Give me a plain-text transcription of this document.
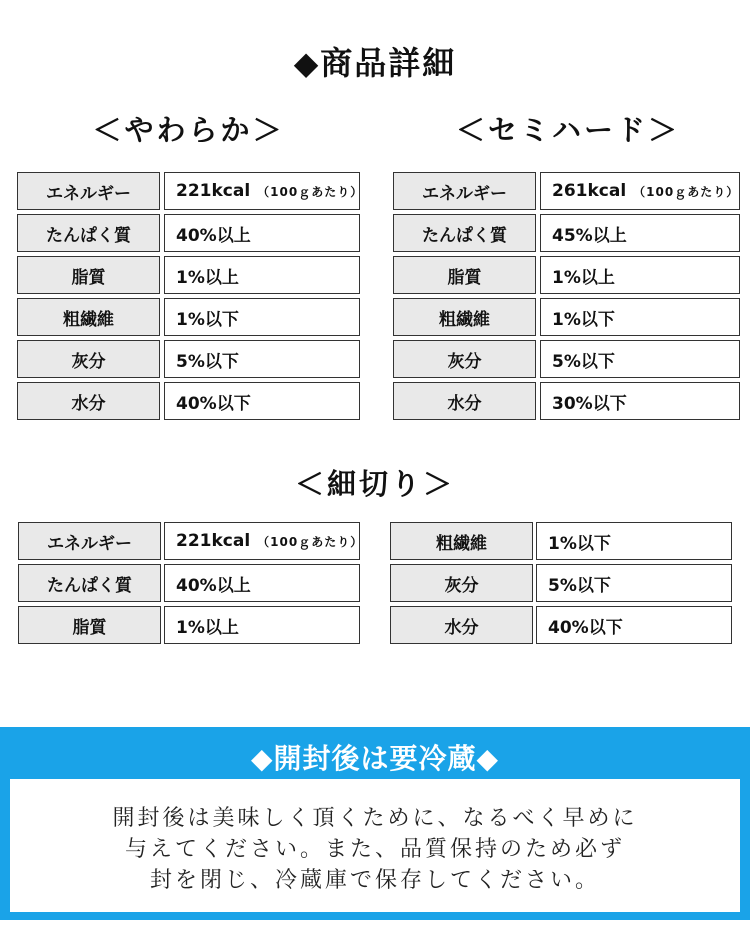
◆商品詳細
＜やわらか＞	＜セミハード＞
＜細切り＞
エネルギー	221kcal （100ｇあたり）
たんぱく質	40%以上
脂質	1%以上
粗繊維	1%以下
灰分	5%以下
水分	40%以下
エネルギー	261kcal （100ｇあたり）
たんぱく質	45%以上
脂質	1%以上
粗繊維	1%以下
灰分	5%以下
水分	30%以下
エネルギー	221kcal （100ｇあたり）
たんぱく質	40%以上
脂質	1%以上
粗繊維	1%以下
灰分	5%以下
水分	40%以下
◆開封後は要冷蔵◆
開封後は美味しく頂くために、なるべく早めに
与えてください。また、品質保持のため必ず
封を閉じ、冷蔵庫で保存してください。
